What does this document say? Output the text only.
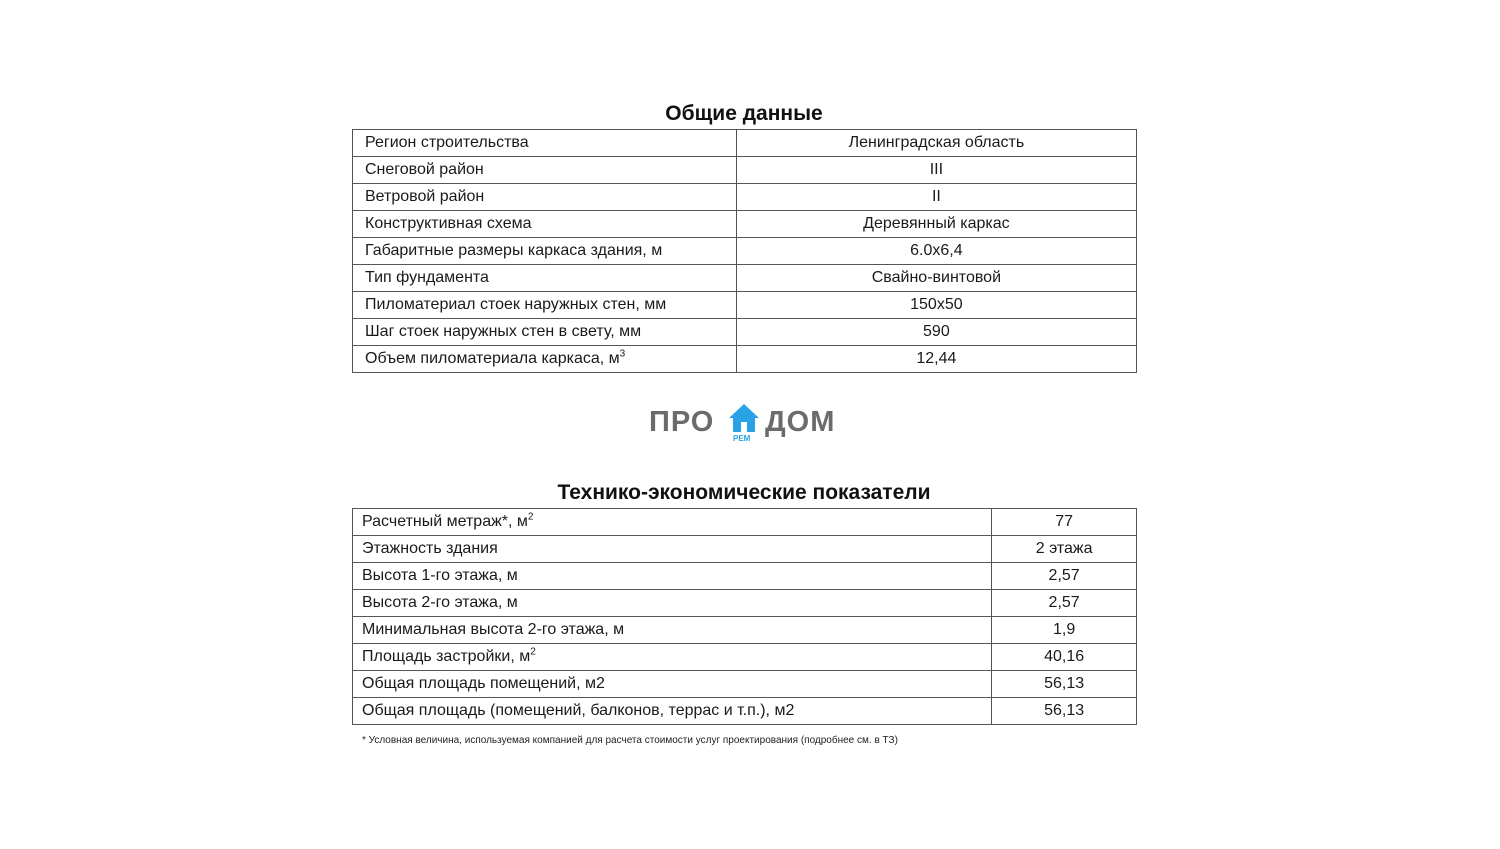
Общие данные
Регион строительства	Ленинградская область
Снеговой район	III
Ветровой район	II
Конструктивная схема	Деревянный каркас
Габаритные размеры каркаса здания, м	6.0x6,4
Тип фундамента	Свайно-винтовой
Пиломатериал стоек наружных стен, мм	150x50
Шаг стоек наружных стен в свету, мм	590
Объем пиломатериала каркаса, $м^3$	12,44
ПРО
РЕМ
ДОМ
Технико-экономические показатели
Расчетный метраж*, $м^2$	77
Этажность здания	2 этажа
Высота 1-го этажа, м	2,57
Высота 2-го этажа, м	2,57
Минимальная высота 2-го этажа, м	1,9
Площадь застройки, $м^2$	40,16
Общая площадь помещений, м2	56,13
Общая площадь (помещений, балконов, террас и т.п.), м2	56,13
* Условная величина, используемая компанией для расчета стоимости услуг проектирования (подробнее см. в ТЗ)
